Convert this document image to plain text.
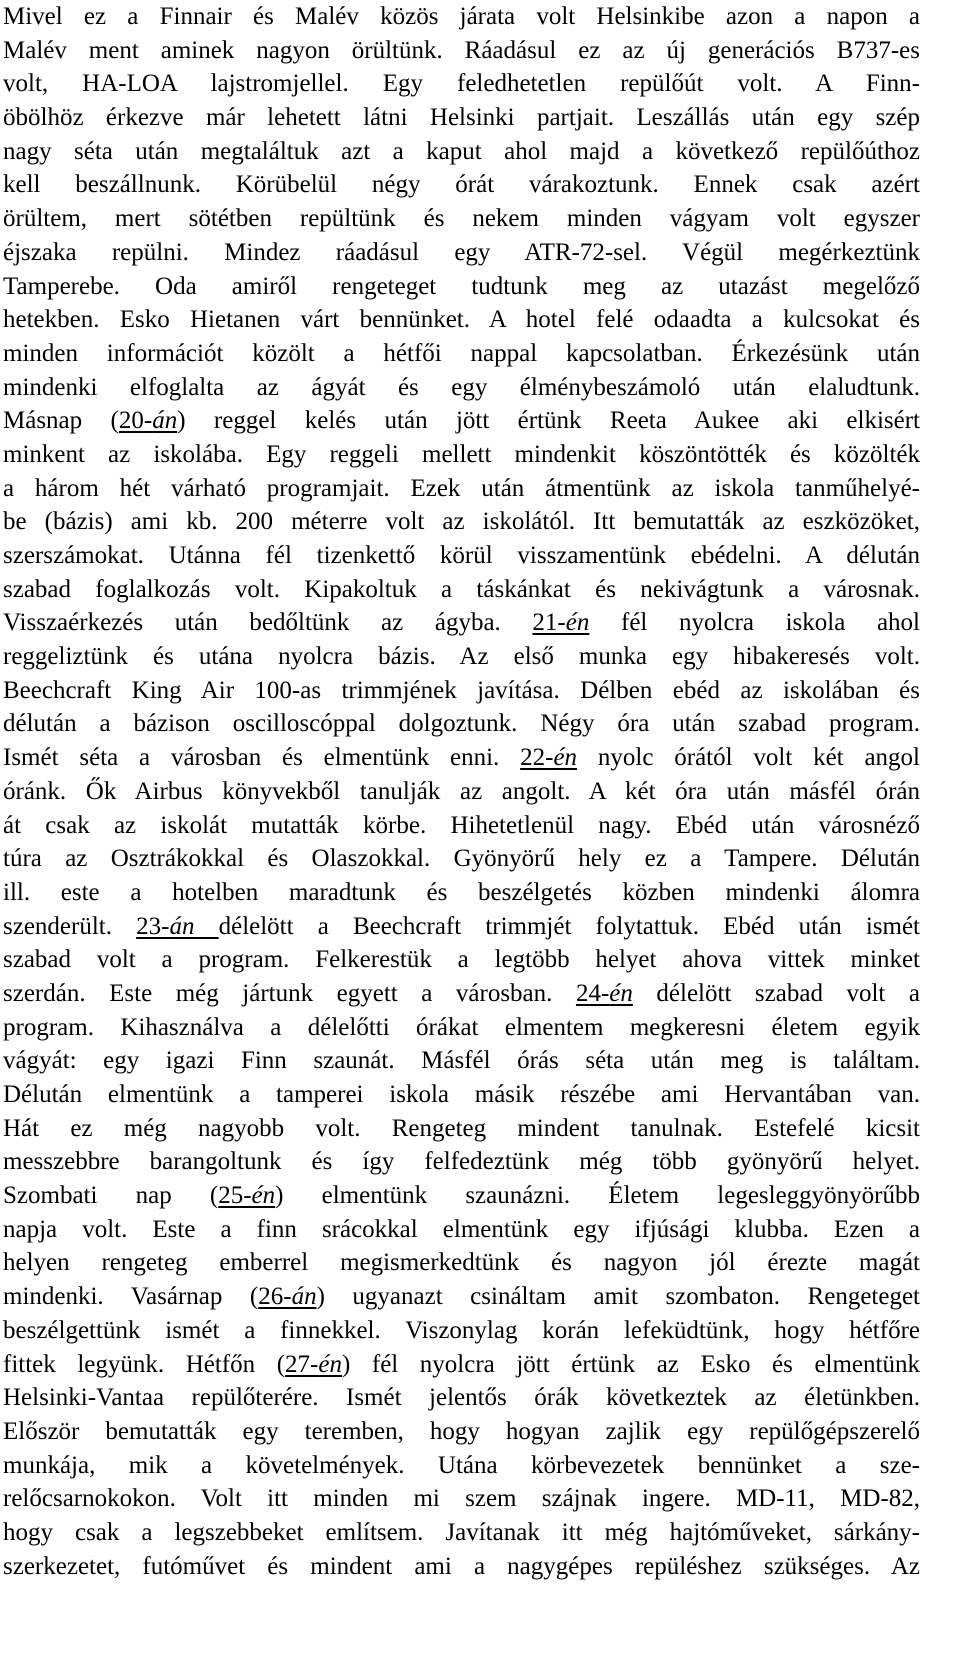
Mivel ez a Finnair és Malév közös járata volt Helsinkibe azon a napon a
Malév ment aminek nagyon örültünk. Ráadásul ez az új generációs B737-es
volt, HA-LOA lajstromjellel. Egy feledhetetlen repülőút volt. A Finn-
öbölhöz érkezve már lehetett látni Helsinki partjait. Leszállás után egy szép
nagy séta után megtaláltuk azt a kaput ahol majd a következő repülőúthoz
kell beszállnunk. Körübelül négy órát várakoztunk. Ennek csak azért
örültem, mert sötétben repültünk és nekem minden vágyam volt egyszer
éjszaka repülni. Mindez ráadásul egy ATR-72-sel. Végül megérkeztünk
Tamperebe. Oda amiről rengeteget tudtunk meg az utazást megelőző
hetekben. Esko Hietanen várt bennünket. A hotel felé odaadta a kulcsokat és
minden információt közölt a hétfői nappal kapcsolatban. Érkezésünk után
mindenki elfoglalta az ágyát és egy élménybeszámoló után elaludtunk.
Másnap (20-án) reggel kelés után jött értünk Reeta Aukee aki elkisért
minkent az iskolába. Egy reggeli mellett mindenkit köszöntötték és közölték
a három hét várható programjait. Ezek után átmentünk az iskola tanműhelyé-
be (bázis) ami kb. 200 méterre volt az iskolától. Itt bemutatták az eszközöket,
szerszámokat. Utánna fél tizenkettő körül visszamentünk ebédelni. A délután
szabad foglalkozás volt. Kipakoltuk a táskánkat és nekivágtunk a városnak.
Visszaérkezés után bedőltünk az ágyba. 21-én fél nyolcra iskola ahol
reggeliztünk és utána nyolcra bázis. Az első munka egy hibakeresés volt.
Beechcraft King Air 100-as trimmjének javítása. Délben ebéd az iskolában és
délután a bázison oscilloscóppal dolgoztunk. Négy óra után szabad program.
Ismét séta a városban és elmentünk enni. 22-én nyolc órától volt két angol
óránk. Ők Airbus könyvekből tanulják az angolt. A két óra után másfél órán
át csak az iskolát mutatták körbe. Hihetetlenül nagy. Ebéd után városnéző
túra az Osztrákokkal és Olaszokkal. Gyönyörű hely ez a Tampere. Délután
ill. este a hotelben maradtunk és beszélgetés közben mindenki álomra
szenderült. 23-án délelött a Beechcraft trimmjét folytattuk. Ebéd után ismét
szabad volt a program. Felkerestük a legtöbb helyet ahova vittek minket
szerdán. Este még jártunk egyett a városban. 24-én délelött szabad volt a
program. Kihasználva a délelőtti órákat elmentem megkeresni életem egyik
vágyát: egy igazi Finn szaunát. Másfél órás séta után meg is találtam.
Délután elmentünk a tamperei iskola másik részébe ami Hervantában van.
Hát ez még nagyobb volt. Rengeteg mindent tanulnak. Estefelé kicsit
messzebbre barangoltunk és így felfedeztünk még több gyönyörű helyet.
Szombati nap (25-én) elmentünk szaunázni. Életem legesleggyönyörűbb
napja volt. Este a finn srácokkal elmentünk egy ifjúsági klubba. Ezen a
helyen rengeteg emberrel megismerkedtünk és nagyon jól érezte magát
mindenki. Vasárnap (26-án) ugyanazt csináltam amit szombaton. Rengeteget
beszélgettünk ismét a finnekkel. Viszonylag korán lefeküdtünk, hogy hétfőre
fittek legyünk. Hétfőn (27-én) fél nyolcra jött értünk az Esko és elmentünk
Helsinki-Vantaa repülőterére. Ismét jelentős órák következtek az életünkben.
Először bemutatták egy teremben, hogy hogyan zajlik egy repülőgépszerelő
munkája, mik a követelmények. Utána körbevezetek bennünket a sze-
relőcsarnokokon. Volt itt minden mi szem szájnak ingere. MD-11, MD-82,
hogy csak a legszebbeket említsem. Javítanak itt még hajtóműveket, sárkány-
szerkezetet, futóművet és mindent ami a nagygépes repüléshez szükséges. Az
